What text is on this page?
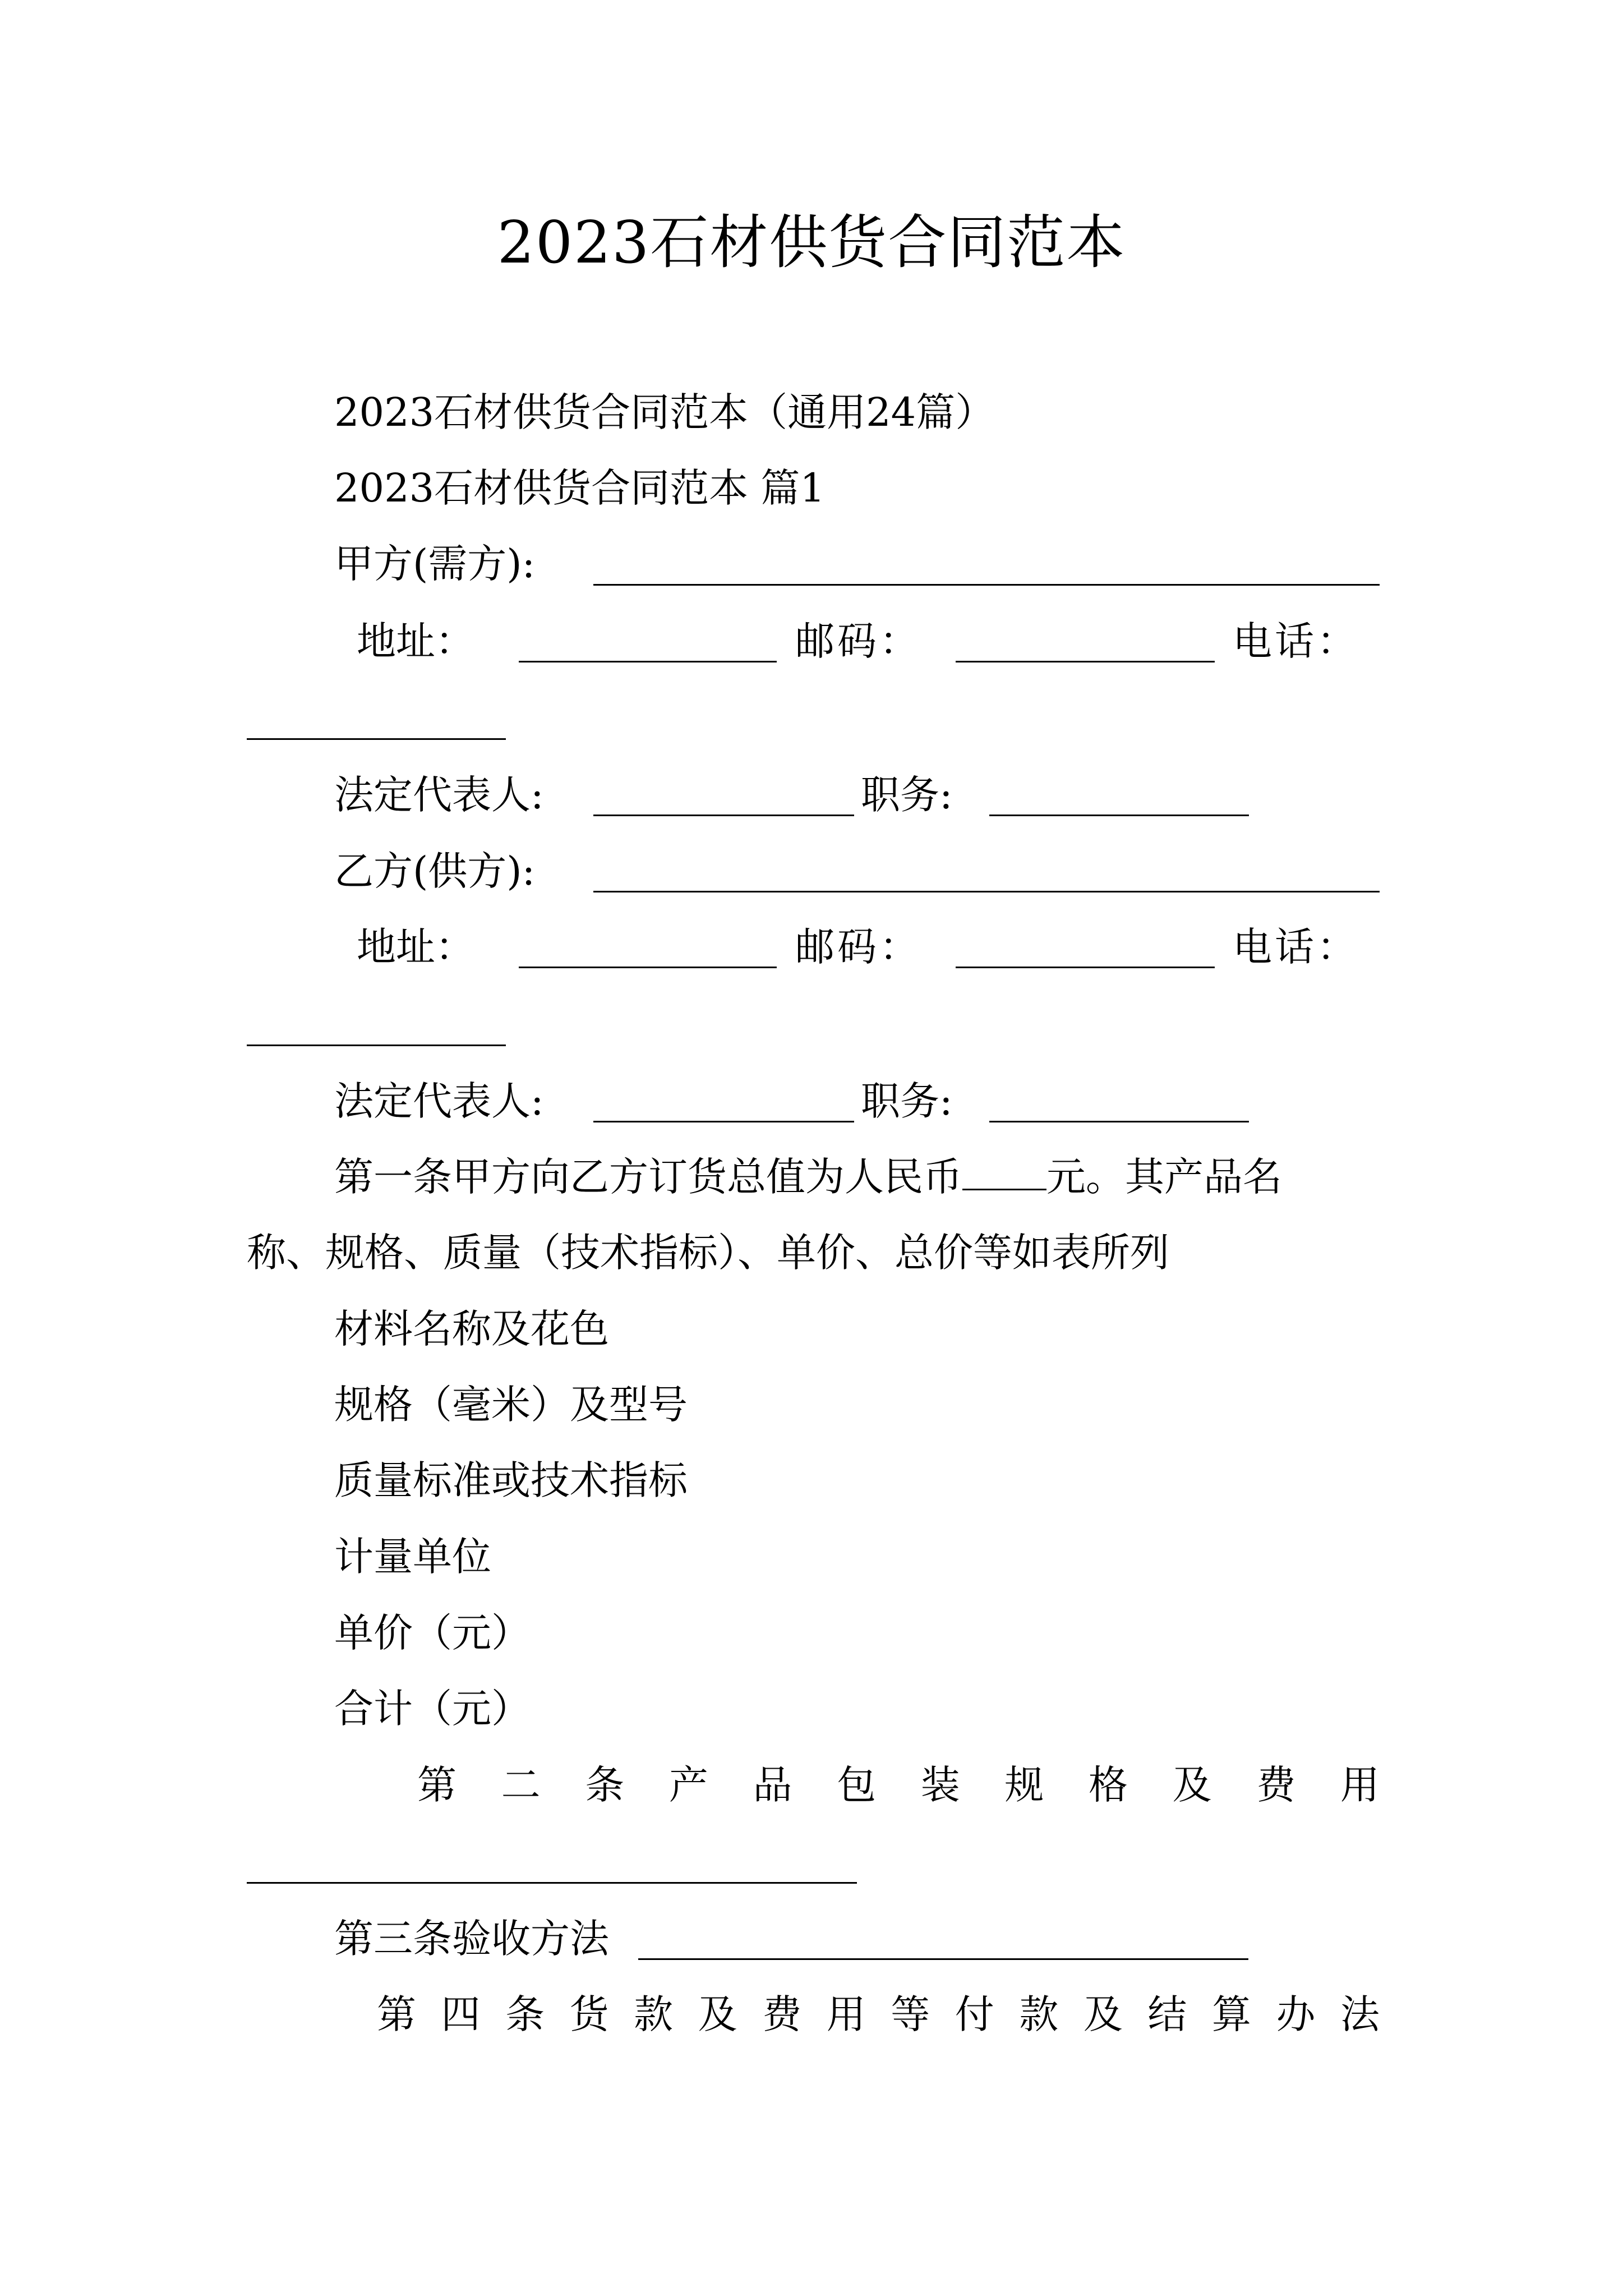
2023石材供货合同范本
2023石材供货合同范本（通用24篇）
2023石材供货合同范本 篇1
甲方(需方):
地 址 ：	邮 码 ：	电 话 ：
法定代表人:	职务:
乙方(供方):
地 址 ：	邮 码 ：	电 话 ：
法定代表人:	职务:
第一条甲方向乙方订货总值为人民币 元。其产品名
称、规格、质量（技术指标）、单价、总价等如表所列
材料名称及花色
规格（毫米）及型号
质量标准或技术指标
计量单位
单价（元）
合计（元）
第 二 条 产 品 包 装 规 格 及 费 用
第三条验收方法
第 四 条 货 款 及 费 用 等 付 款 及 结 算 办 法
